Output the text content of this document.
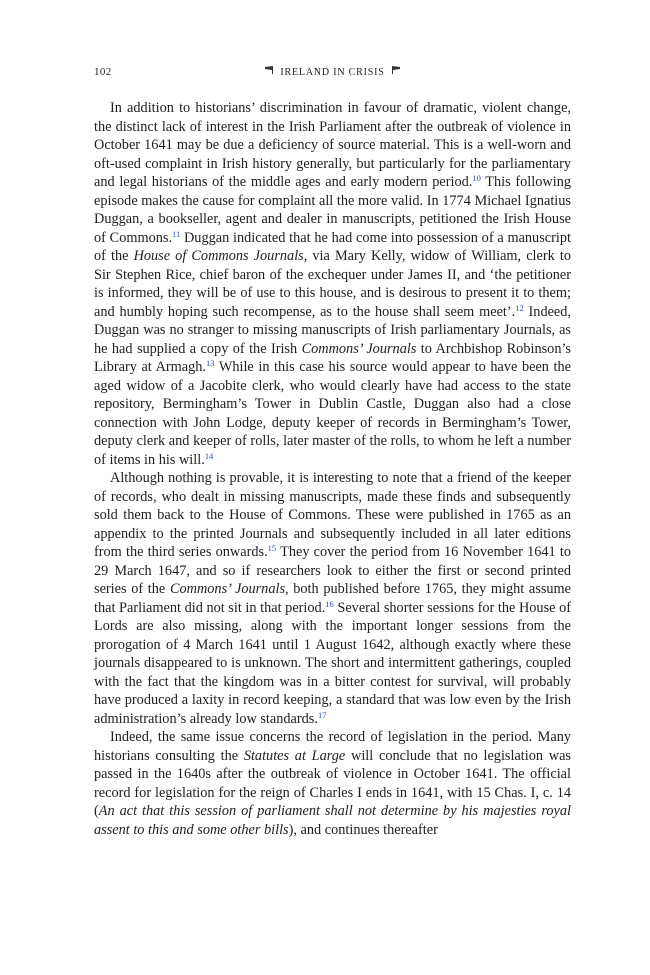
102	IRELAND IN CRISIS

In addition to historians’ discrimination in favour of dramatic, violent change, the distinct lack of interest in the Irish Parliament after the outbreak of violence in October 1641 may be due a deficiency of source material. This is a well-worn and oft-used complaint in Irish history generally, but particularly for the parliamentary and legal historians of the middle ages and early modern period.$^{10}$ This following episode makes the cause for complaint all the more valid. In 1774 Michael Ignatius Duggan, a bookseller, agent and dealer in manuscripts, petitioned the Irish House of Commons.$^{11}$ Duggan indicated that he had come into possession of a manuscript of the House of Commons Journals, via Mary Kelly, widow of William, clerk to Sir Stephen Rice, chief baron of the exchequer under James II, and ‘the petitioner is informed, they will be of use to this house, and is desirous to present it to them; and humbly hoping such recompense, as to the house shall seem meet’.$^{12}$ Indeed, Duggan was no stranger to missing manuscripts of Irish parliamentary Journals, as he had supplied a copy of the Irish Commons’ Journals to Archbishop Robinson’s Library at Armagh.$^{13}$ While in this case his source would appear to have been the aged widow of a Jacobite clerk, who would clearly have had access to the state repository, Bermingham’s Tower in Dublin Castle, Duggan also had a close connection with John Lodge, deputy keeper of records in Bermingham’s Tower, deputy clerk and keeper of rolls, later master of the rolls, to whom he left a number of items in his will.$^{14}$

Although nothing is provable, it is interesting to note that a friend of the keeper of records, who dealt in missing manuscripts, made these finds and subsequently sold them back to the House of Commons. These were published in 1765 as an appendix to the printed Journals and subsequently included in all later editions from the third series onwards.$^{15}$ They cover the period from 16 November 1641 to 29 March 1647, and so if researchers look to either the first or second printed series of the Commons’ Journals, both published before 1765, they might assume that Parliament did not sit in that period.$^{16}$ Several shorter sessions for the House of Lords are also missing, along with the important longer sessions from the prorogation of 4 March 1641 until 1 August 1642, although exactly where these journals disappeared to is unknown. The short and intermittent gatherings, coupled with the fact that the kingdom was in a bitter contest for survival, will probably have produced a laxity in record keeping, a standard that was low even by the Irish administration’s already low standards.$^{17}$

Indeed, the same issue concerns the record of legislation in the period. Many historians consulting the Statutes at Large will conclude that no legislation was passed in the 1640s after the outbreak of violence in October 1641. The official record for legislation for the reign of Charles I ends in 1641, with 15 Chas. I, c. 14 (An act that this session of parliament shall not determine by his majesties royal assent to this and some other bills), and continues thereafter
